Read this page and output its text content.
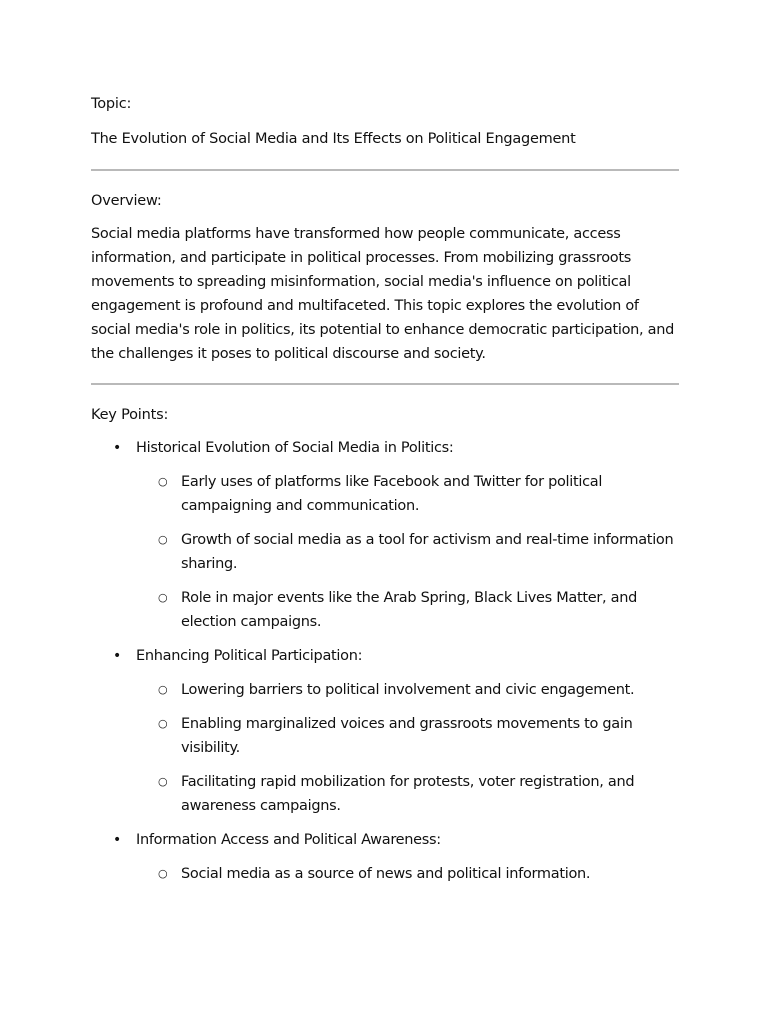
Topic:

The Evolution of Social Media and Its Effects on Political Engagement

Overview:

Social media platforms have transformed how people communicate, access information, and participate in political processes. From mobilizing grassroots movements to spreading misinformation, social media's influence on political engagement is profound and multifaceted. This topic explores the evolution of social media's role in politics, its potential to enhance democratic participation, and the challenges it poses to political discourse and society.

Key Points:

• Historical Evolution of Social Media in Politics:
○ Early uses of platforms like Facebook and Twitter for political campaigning and communication.
○ Growth of social media as a tool for activism and real-time information sharing.
○ Role in major events like the Arab Spring, Black Lives Matter, and election campaigns.
• Enhancing Political Participation:
○ Lowering barriers to political involvement and civic engagement.
○ Enabling marginalized voices and grassroots movements to gain visibility.
○ Facilitating rapid mobilization for protests, voter registration, and awareness campaigns.
• Information Access and Political Awareness:
○ Social media as a source of news and political information.
